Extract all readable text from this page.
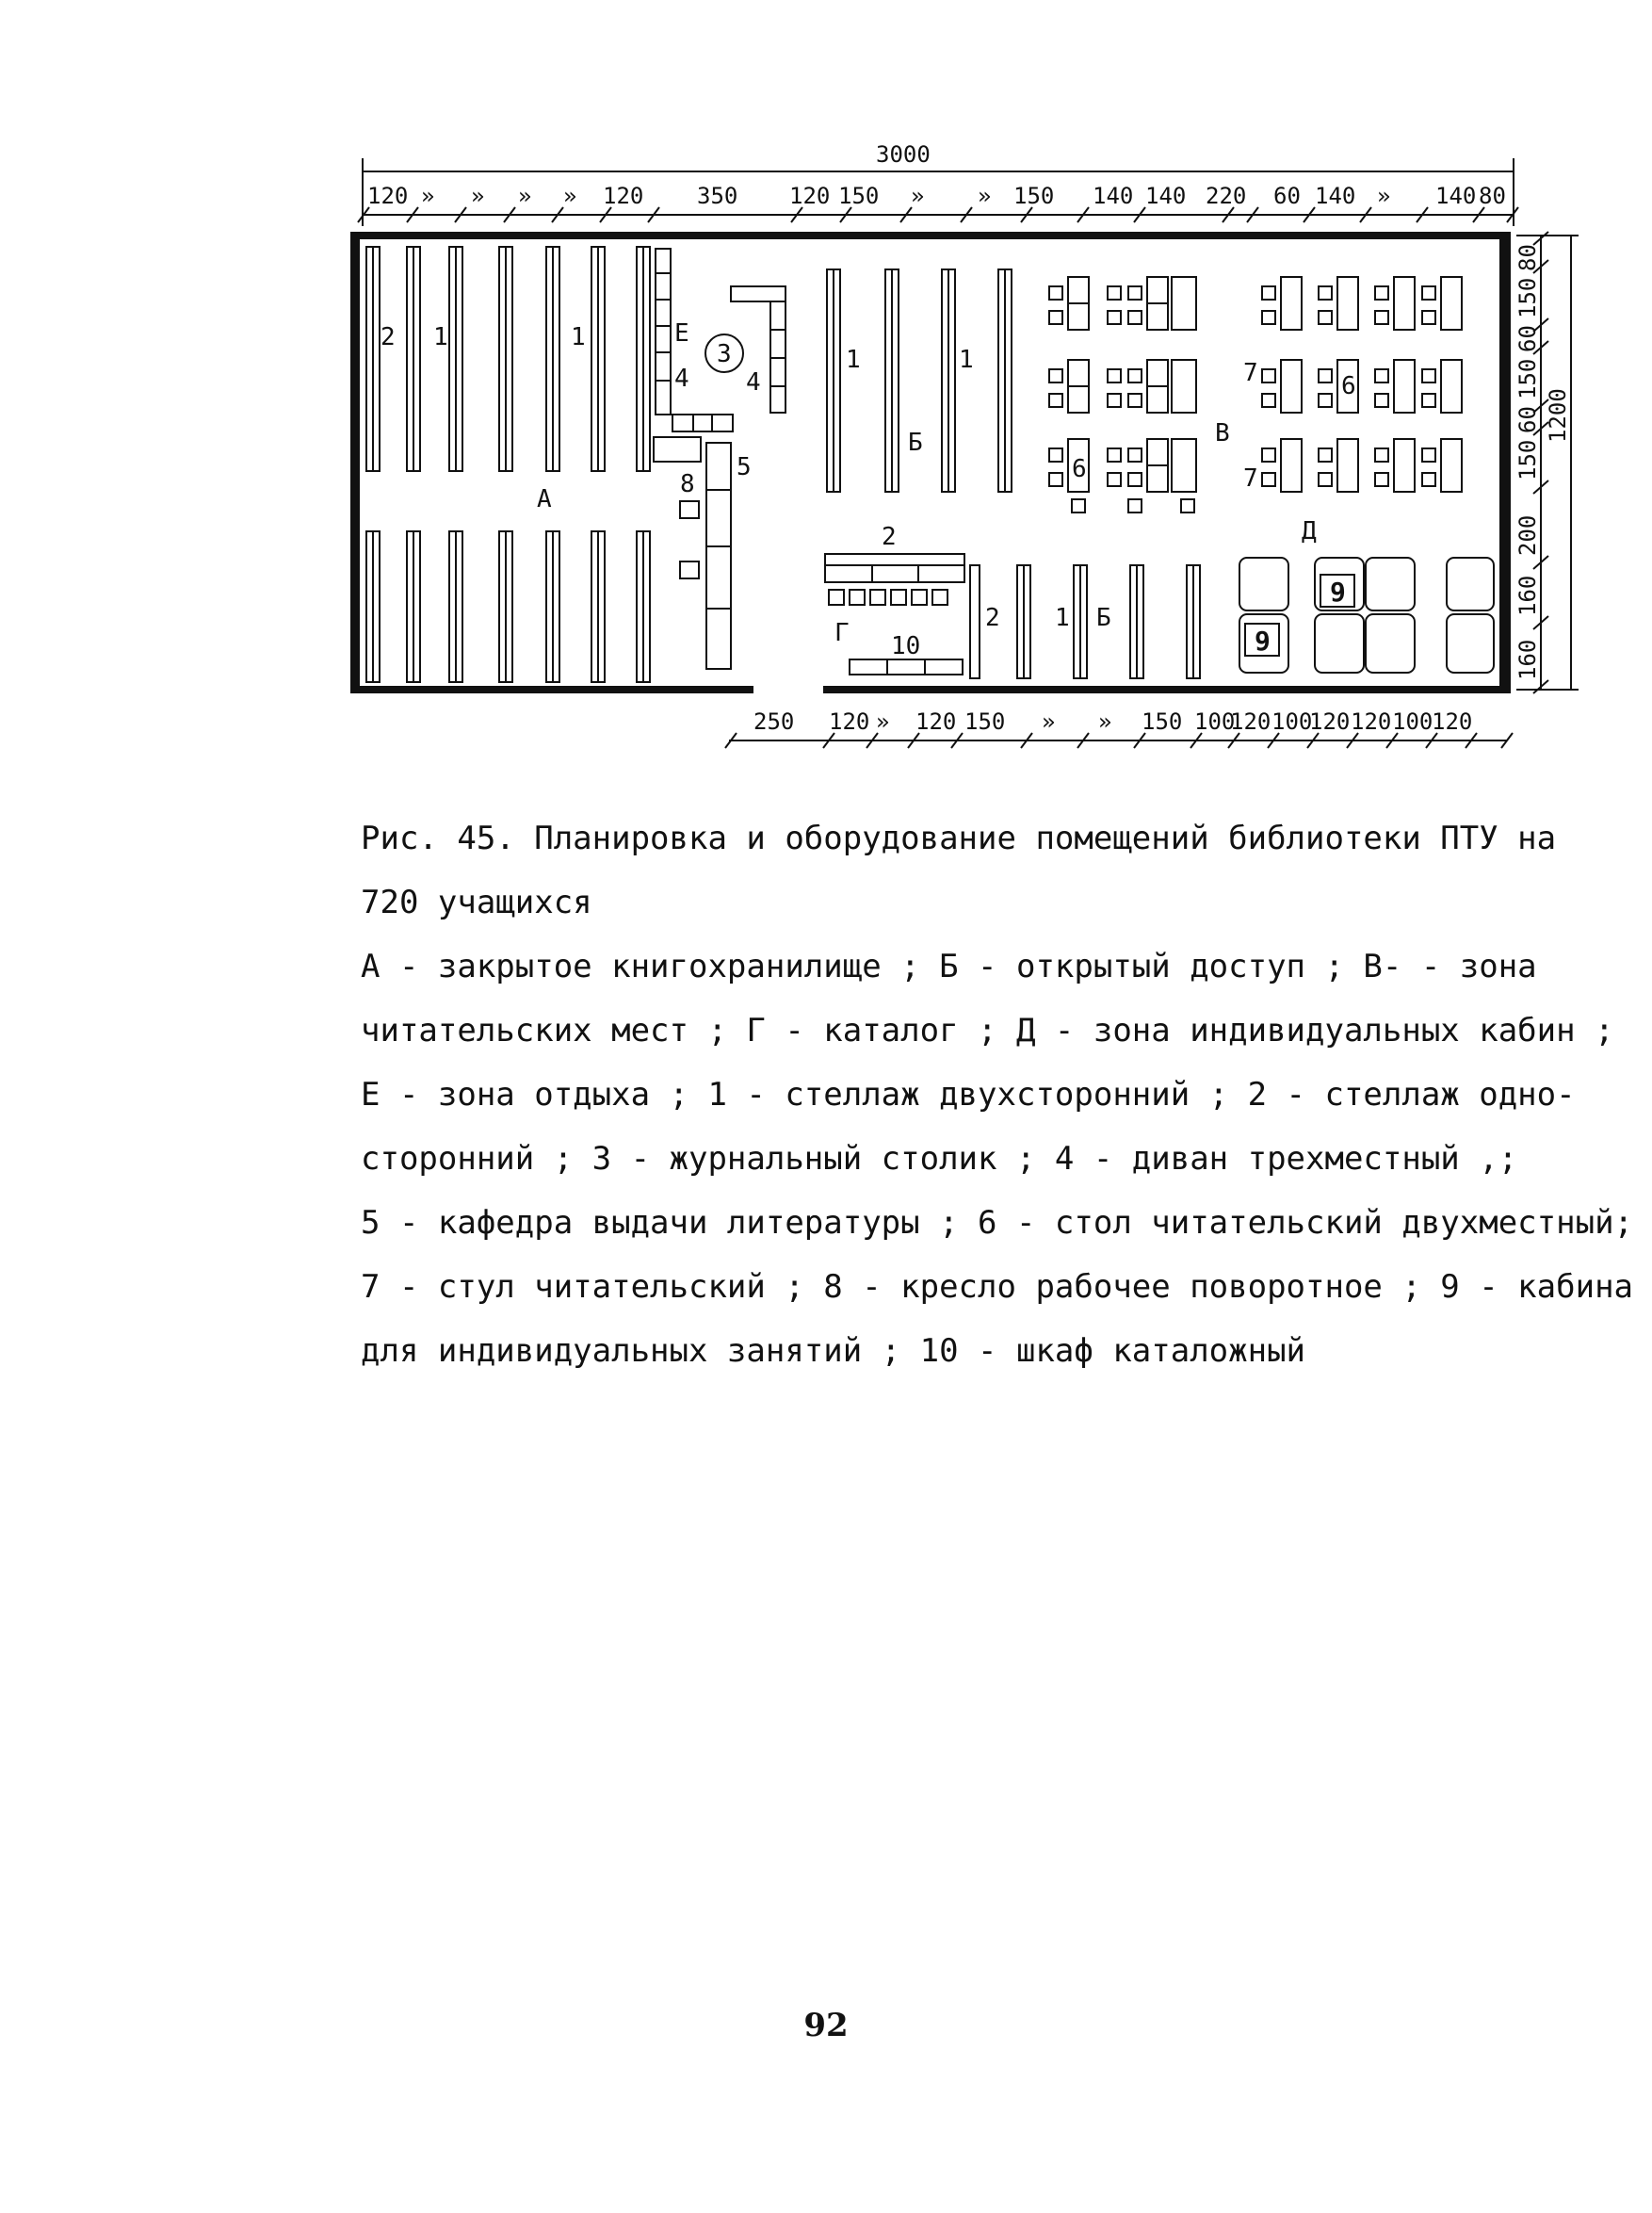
3000
120 » » » » 120 350 120 150 » » 150 140 140 220 60 140 » 140 80
2 1	1
А
3
Е
4 4
5
8
1	1
Б
6
В
7	6
7
2
Г 10
2 1 Б
Д
9
9
80
150
60
150
60
150
200
160
160
1200
250 120 » 120 150 » » 150 100
120 100
120 120 100
120

Рис. 45. Планировка и оборудование помещений библиотеки ПТУ на

720 учащихся

А - закрытое книгохранилище ; Б - открытый доступ ; В- - зона

читательских мест ; Г - каталог ; Д - зона индивидуальных кабин ;

Е - зона отдыха ; 1 - стеллаж двухсторонний ; 2 - стеллаж одно-

сторонний ; 3 - журнальный столик ; 4 - диван трехместный ,;

5 - кафедра выдачи литературы ; 6 - стол читательский двухместный;

7 - стул читательский ; 8 - кресло рабочее поворотное ; 9 - кабина

для индивидуальных занятий ; 10 - шкаф каталожный

92
